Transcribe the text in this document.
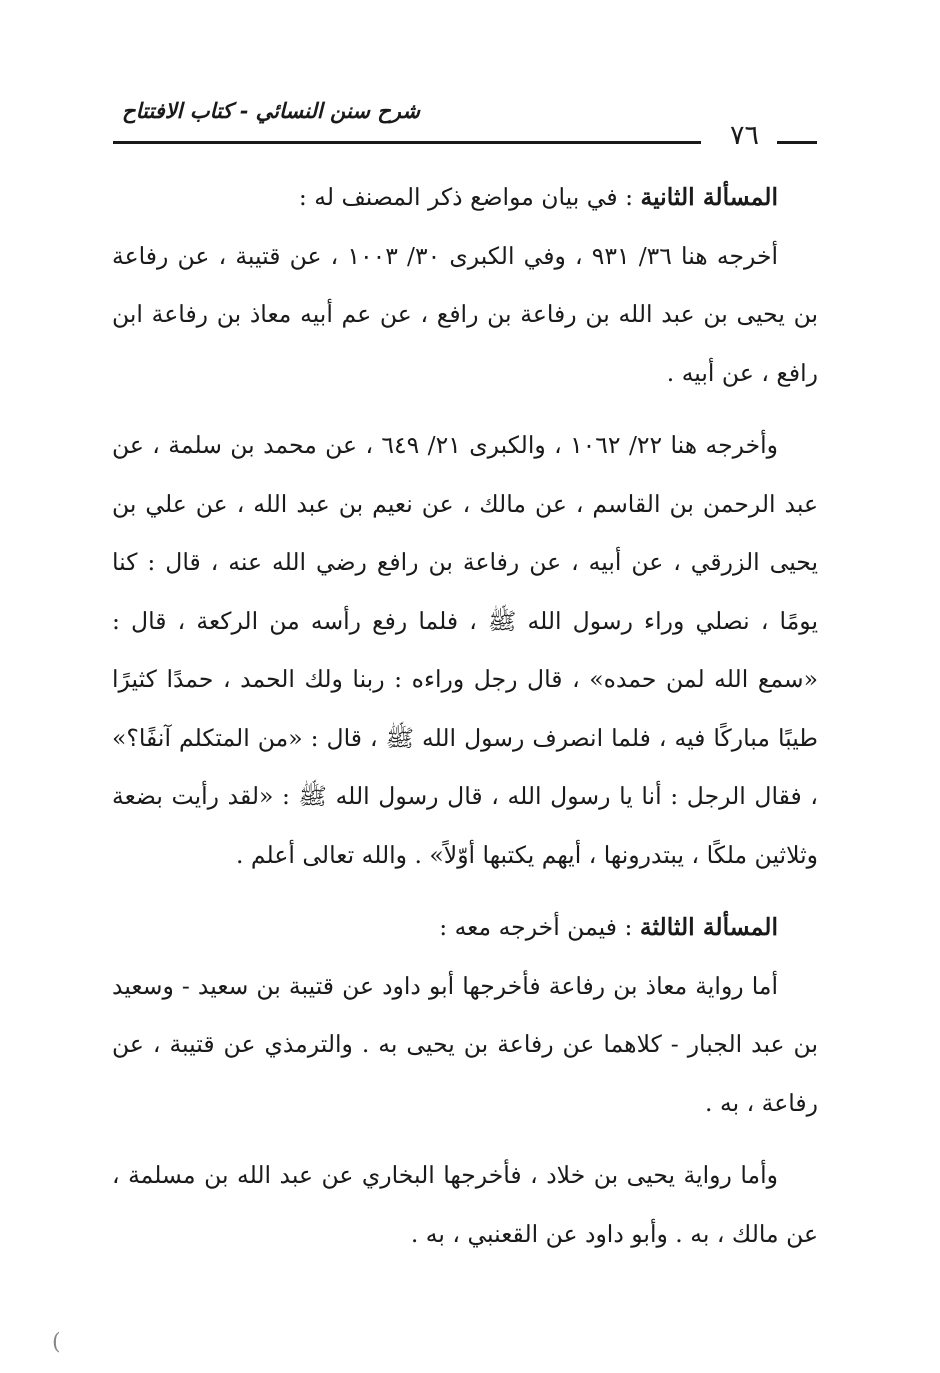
شرح سنن النسائي - كتاب الافتتاح
٧٦

المسألة الثانية : في بيان مواضع ذكر المصنف له :

أخرجه هنا ٣٦/ ٩٣١ ، وفي الكبرى ٣٠/ ١٠٠٣ ، عن قتيبة ، عن رفاعة بن يحيى بن عبد الله بن رفاعة بن رافع ، عن عم أبيه معاذ بن رفاعة ابن رافع ، عن أبيه .

وأخرجه هنا ٢٢/ ١٠٦٢ ، والكبرى ٢١/ ٦٤٩ ، عن محمد بن سلمة ، عن عبد الرحمن بن القاسم ، عن مالك ، عن نعيم بن عبد الله ، عن علي بن يحيى الزرقي ، عن أبيه ، عن رفاعة بن رافع رضي الله عنه ، قال : كنا يومًا ، نصلي وراء رسول الله ﷺ ، فلما رفع رأسه من الركعة ، قال : «سمع الله لمن حمده» ، قال رجل وراءه : ربنا ولك الحمد ، حمدًا كثيرًا طيبًا مباركًا فيه ، فلما انصرف رسول الله ﷺ ، قال : «من المتكلم آنفًا؟» ، فقال الرجل : أنا يا رسول الله ، قال رسول الله ﷺ : «لقد رأيت بضعة وثلاثين ملكًا ، يبتدرونها ، أيهم يكتبها أوّلاً» . والله تعالى أعلم .

المسألة الثالثة : فيمن أخرجه معه :

أما رواية معاذ بن رفاعة فأخرجها أبو داود عن قتيبة بن سعيد - وسعيد بن عبد الجبار - كلاهما عن رفاعة بن يحيى به . والترمذي عن قتيبة ، عن رفاعة ، به .

وأما رواية يحيى بن خلاد ، فأخرجها البخاري عن عبد الله بن مسلمة ، عن مالك ، به . وأبو داود عن القعنبي ، به .

)
